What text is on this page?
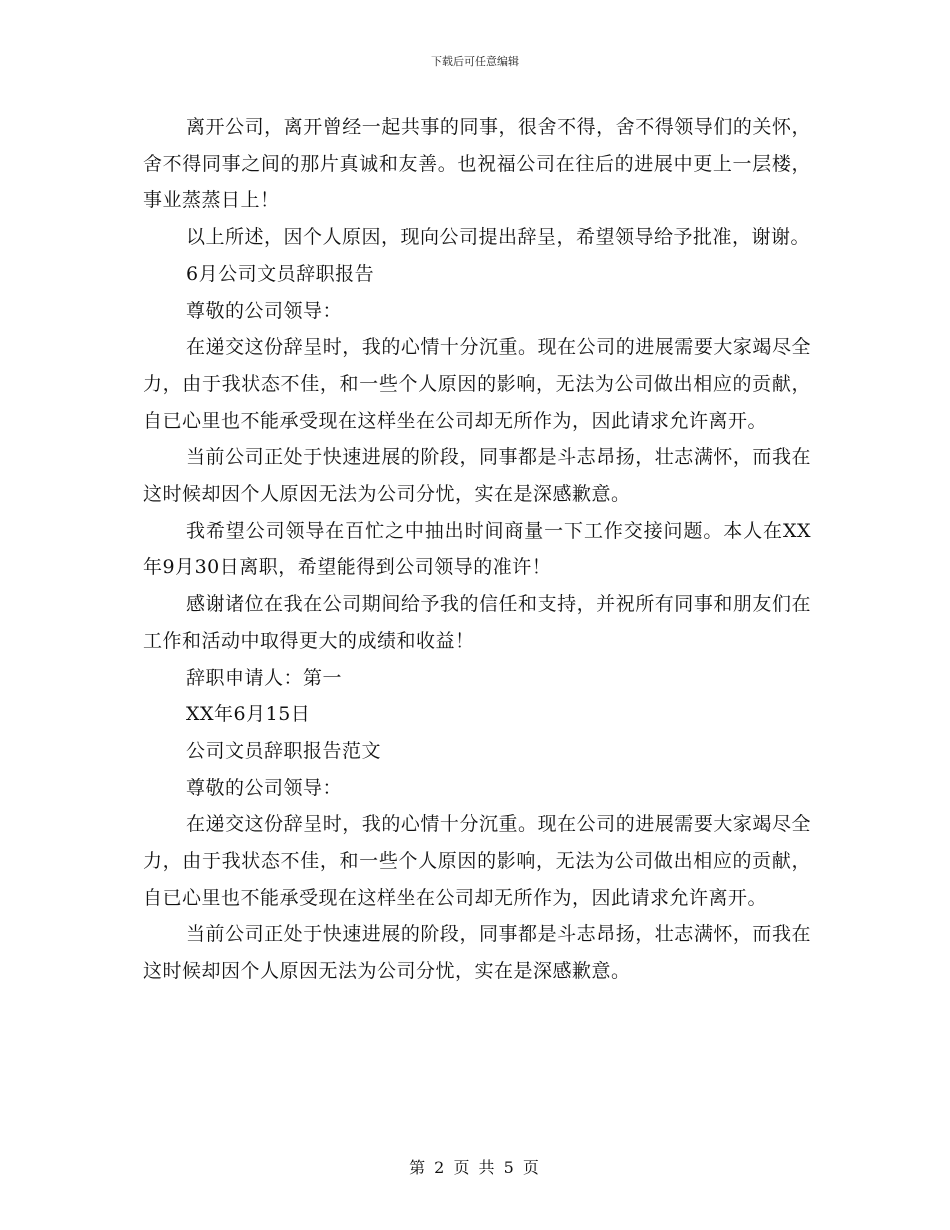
下载后可任意编辑

离开公司，离开曾经一起共事的同事，很舍不得，舍不得领导们的关怀，舍不得同事之间的那片真诚和友善。也祝福公司在往后的进展中更上一层楼，事业蒸蒸日上！

以上所述，因个人原因，现向公司提出辞呈，希望领导给予批准，谢谢。

6月公司文员辞职报告

尊敬的公司领导：

在递交这份辞呈时，我的心情十分沉重。现在公司的进展需要大家竭尽全力，由于我状态不佳，和一些个人原因的影响，无法为公司做出相应的贡献，自已心里也不能承受现在这样坐在公司却无所作为，因此请求允许离开。

当前公司正处于快速进展的阶段，同事都是斗志昂扬，壮志满怀，而我在这时候却因个人原因无法为公司分忧，实在是深感歉意。

我希望公司领导在百忙之中抽出时间商量一下工作交接问题。本人在XX年9月30日离职，希望能得到公司领导的准许！

感谢诸位在我在公司期间给予我的信任和支持，并祝所有同事和朋友们在工作和活动中取得更大的成绩和收益！

辞职申请人：第一

XX年6月15日

公司文员辞职报告范文

尊敬的公司领导：

在递交这份辞呈时，我的心情十分沉重。现在公司的进展需要大家竭尽全力，由于我状态不佳，和一些个人原因的影响，无法为公司做出相应的贡献，自已心里也不能承受现在这样坐在公司却无所作为，因此请求允许离开。

当前公司正处于快速进展的阶段，同事都是斗志昂扬，壮志满怀，而我在这时候却因个人原因无法为公司分忧，实在是深感歉意。

第 2 页 共 5 页
